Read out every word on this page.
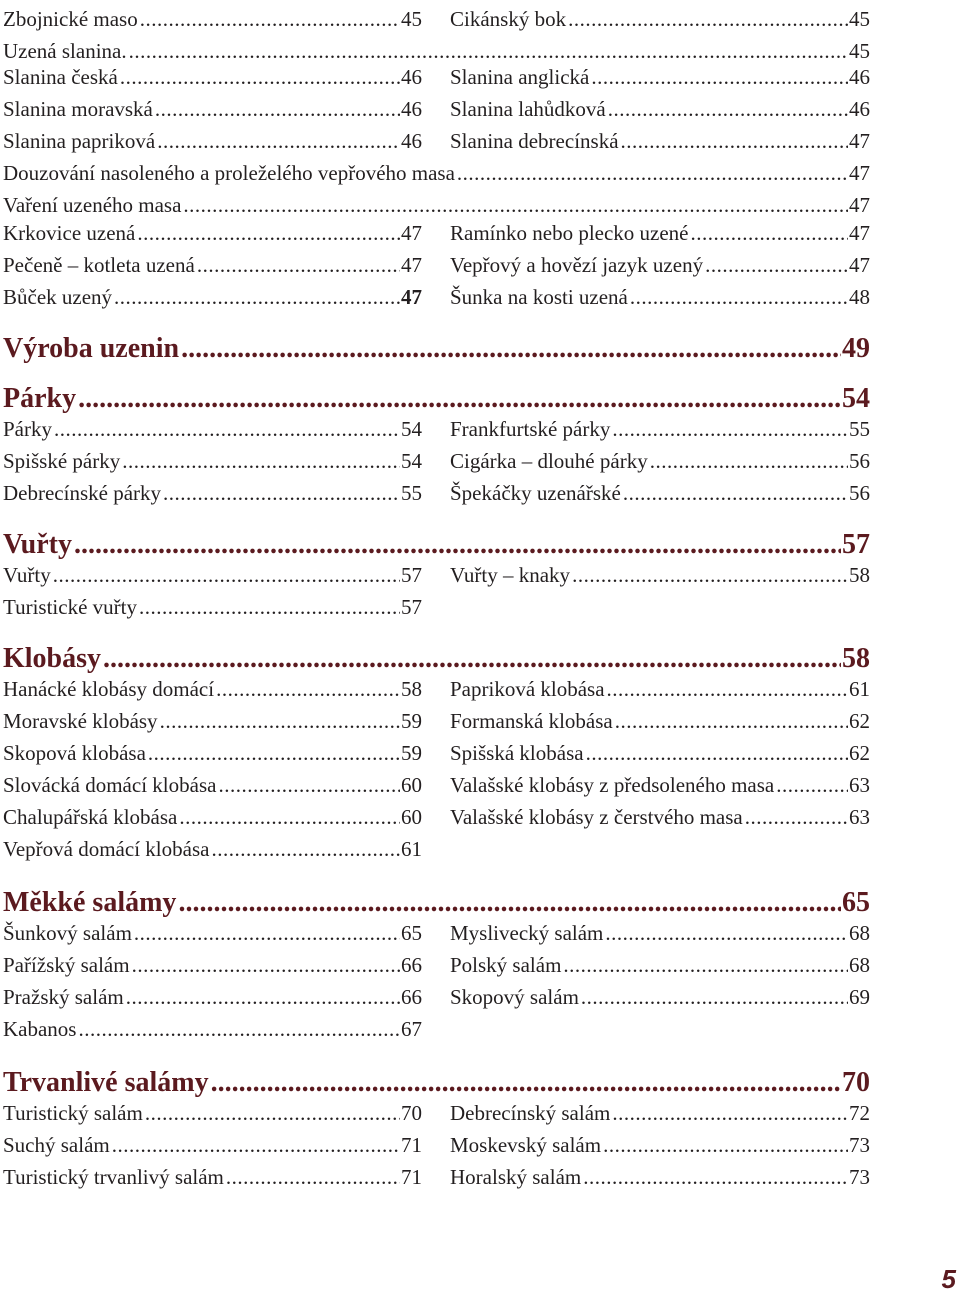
Zbojnické maso .....	45 Cikánský bok .....	45
Uzená slanina. .....	45
Slanina česká .....	46 Slanina anglická .....	46
Slanina moravská .....	46 Slanina lahůdková .....	46
Slanina papriková .....	46 Slanina debrecínská .....	47
Douzování nasoleného a proleželého vepřového masa .....	47
Vaření uzeného masa .....	47
Krkovice uzená .....	47 Ramínko nebo plecko uzené .....	47
Pečeně – kotleta uzená .....	47 Vepřový a hovězí jazyk uzený .....	47
Bůček uzený .....	47 Šunka na kosti uzená .....	48
Výroba uzenin .....	49
Párky .....	54
Párky .....	54 Frankfurtské párky .....	55
Spišské párky .....	54 Cigárka – dlouhé párky .....	56
Debrecínské párky .....	55 Špekáčky uzenářské .....	56
Vuřty .....	57
Vuřty .....	57 Vuřty – knaky .....	58
Turistické vuřty .....	57
Klobásy .....	58
Hanácké klobásy domácí .....	58 Papriková klobása .....	61
Moravské klobásy .....	59 Formanská klobása .....	62
Skopová klobása .....	59 Spišská klobása .....	62
Slovácká domácí klobása .....	60 Valašské klobásy z předsoleného masa .....	63
Chalupářská klobása .....	60 Valašské klobásy z čerstvého masa .....	63
Vepřová domácí klobása .....	61
Měkké salámy .....	65
Šunkový salám .....	65 Myslivecký salám .....	68
Pařížský salám .....	66 Polský salám .....	68
Pražský salám .....	66 Skopový salám .....	69
Kabanos .....	67
Trvanlivé salámy .....	70
Turistický salám .....	70 Debrecínský salám .....	72
Suchý salám .....	71 Moskevský salám .....	73
Turistický trvanlivý salám .....	71 Horalský salám .....	73
5
